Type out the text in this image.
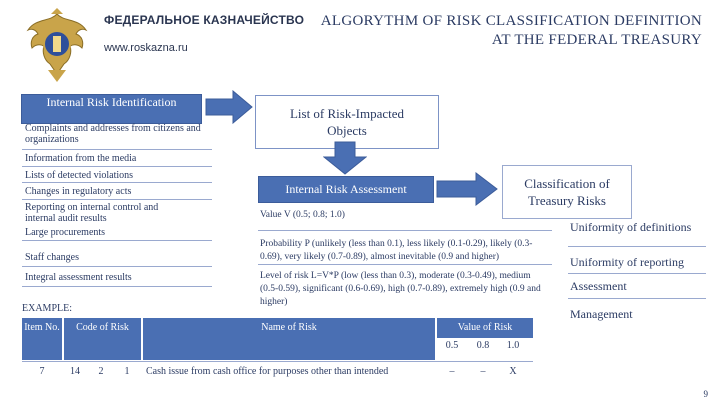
ФЕДЕРАЛЬНОЕ КАЗНАЧЕЙСТВО
www.roskazna.ru
ALGORYTHM OF RISK CLASSIFICATION DEFINITION
AT THE FEDERAL TREASURY
Internal Risk Identification
List of Risk-Impacted Objects
Internal Risk Assessment	Classification of Treasury Risks
Complaints and addresses from citizens and organizations
Information from the media
Lists of detected violations
Changes in regulatory acts
Reporting on internal control and internal audit results
Large procurements
Staff changes
Integral assessment results
Value V (0.5; 0.8; 1.0)
Probability P (unlikely (less than 0.1), less likely (0.1-0.29), likely (0.3-0.69), very likely (0.7-0.89), almost inevitable (0.9 and higher)
Level of risk L=V*P (low (less than 0.3), moderate (0.3-0.49), medium (0.5-0.59), significant (0.6-0.69), high (0.7-0.89), extremely high (0.9 and higher)
Uniformity of definitions
Uniformity of reporting
Assessment
Management
EXAMPLE:
Item No.	Code of Risk	Name of Risk	Value of Risk
0.5	0.8	1.0
7	14	2	1	Cash issue from cash office for purposes other than intended	–	–	X
9
